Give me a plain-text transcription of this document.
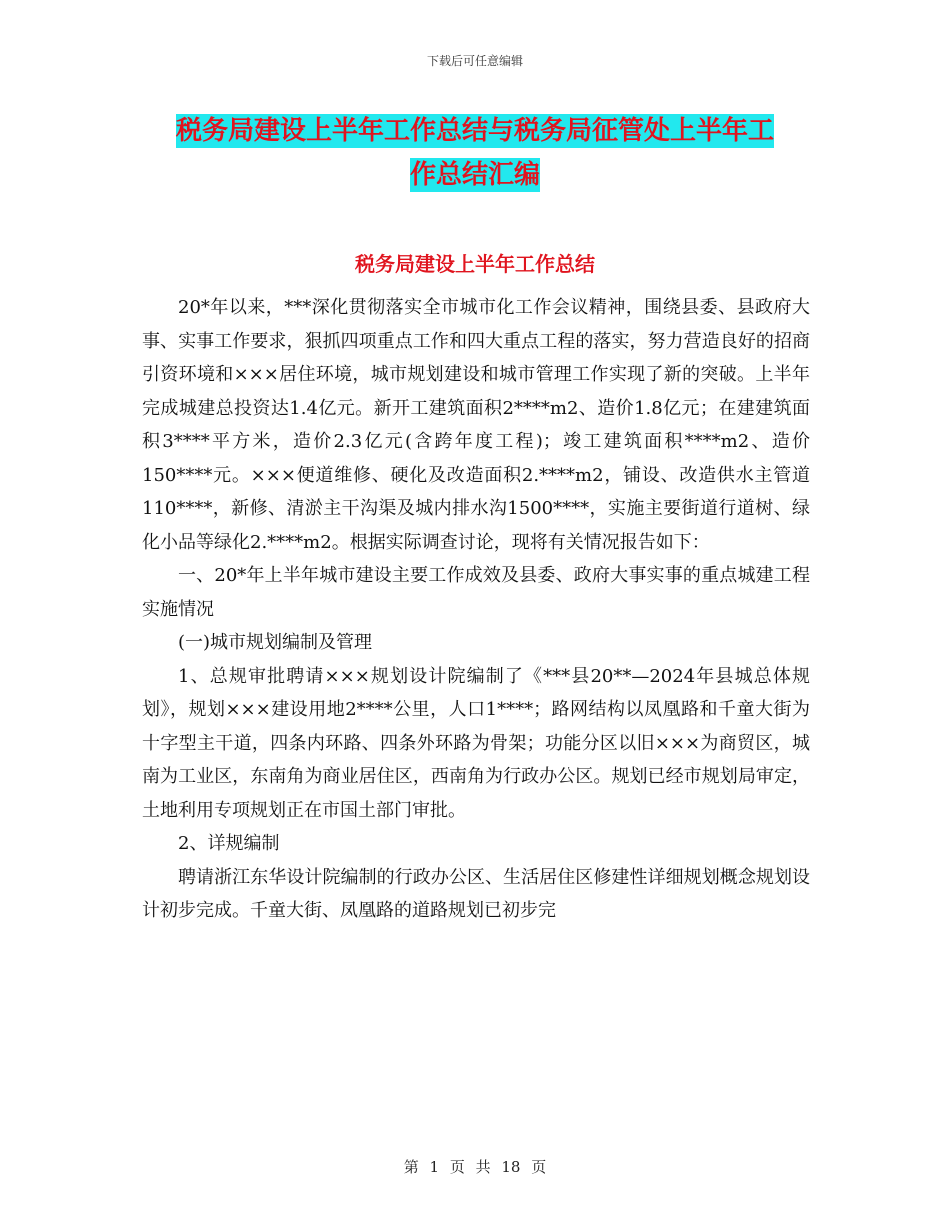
下载后可任意编辑
税务局建设上半年工作总结与税务局征管处上半年工
作总结汇编
税务局建设上半年工作总结

20*年以来，***深化贯彻落实全市城市化工作会议精神，围绕县委、县政府大事、实事工作要求，狠抓四项重点工作和四大重点工程的落实，努力营造良好的招商引资环境和×××居住环境，城市规划建设和城市管理工作实现了新的突破。上半年完成城建总投资达1.4亿元。新开工建筑面积2****m2、造价1.8亿元；在建建筑面积3****平方米，造价2.3亿元(含跨年度工程)；竣工建筑面积****m2、造价150****元。×××便道维修、硬化及改造面积2.****m2，铺设、改造供水主管道110****，新修、清淤主干沟渠及城内排水沟1500****，实施主要街道行道树、绿化小品等绿化2.****m2。根据实际调查讨论，现将有关情况报告如下：

一、20*年上半年城市建设主要工作成效及县委、政府大事实事的重点城建工程实施情况

(一)城市规划编制及管理

1、总规审批聘请×××规划设计院编制了《***县20**—2024年县城总体规划》，规划×××建设用地2****公里，人口1****；路网结构以凤凰路和千童大街为十字型主干道，四条内环路、四条外环路为骨架；功能分区以旧×××为商贸区，城南为工业区，东南角为商业居住区，西南角为行政办公区。规划已经市规划局审定，土地利用专项规划正在市国土部门审批。

2、详规编制

聘请浙江东华设计院编制的行政办公区、生活居住区修建性详细规划概念规划设计初步完成。千童大街、凤凰路的道路规划已初步完

第 1 页 共 18 页
